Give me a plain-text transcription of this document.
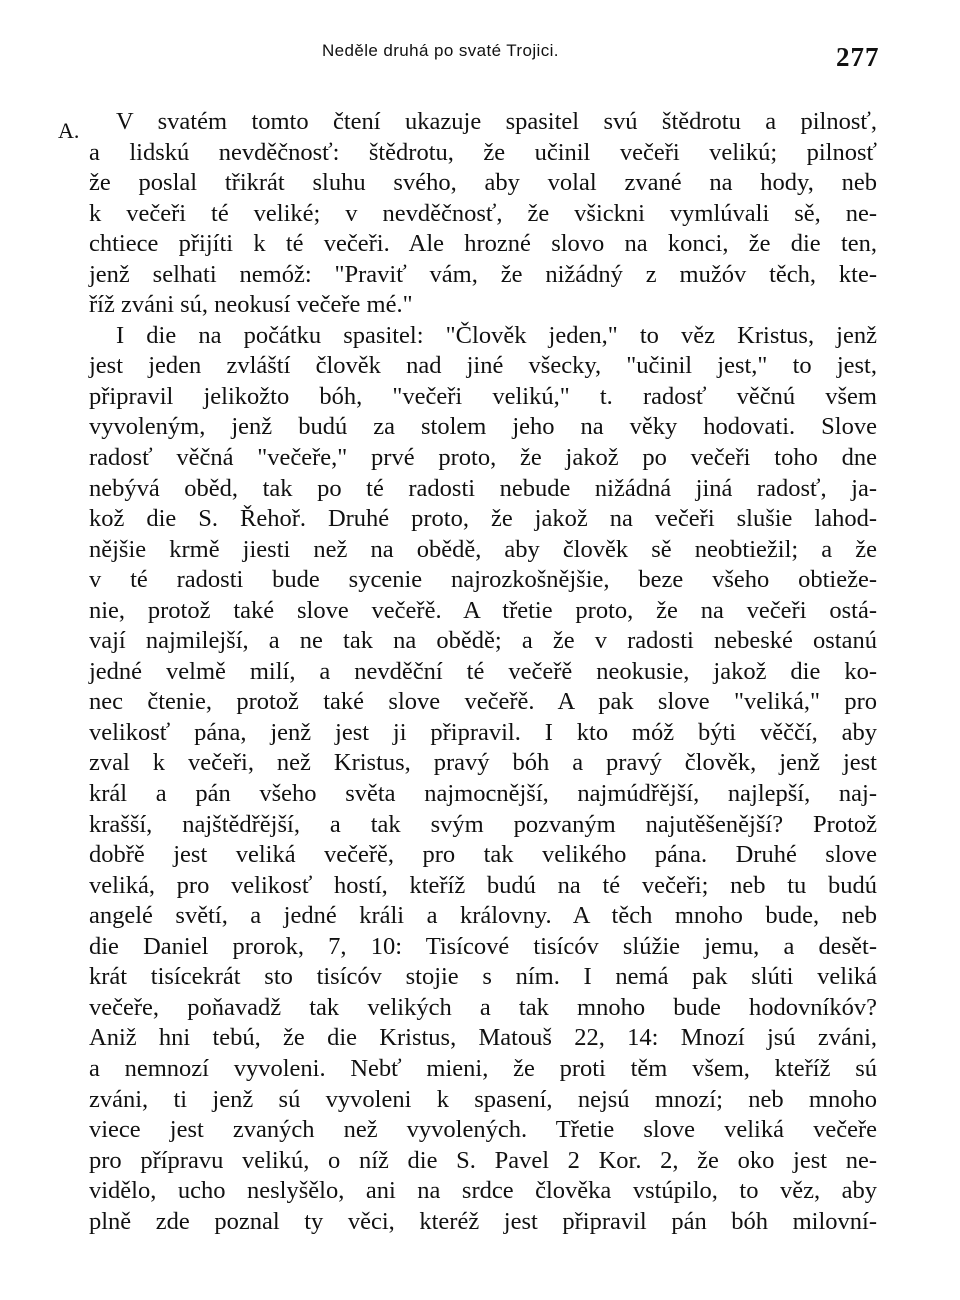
Neděle druhá po svaté Trojici.	277
A.	V svatém tomto čtení ukazuje spasitel svú štědrotu a pilnosť,
a lidskú nevděčnosť: štědrotu, že učinil večeři velikú; pilnosť
že poslal třikrát sluhu svého, aby volal zvané na hody, neb
k večeři té veliké; v nevděčnosť, že všickni vymlúvali sě, ne-
chtiece přijíti k té večeři. Ale hrozné slovo na konci, že die ten,
jenž selhati nemóž: "Praviť vám, že nižádný z mužóv těch, kte-
říž zváni sú, neokusí večeře mé."
I die na počátku spasitel: "Člověk jeden," to věz Kristus, jenž
jest jeden zvláští člověk nad jiné všecky, "učinil jest," to jest,
připravil jelikožto bóh, "večeři velikú," t. radosť věčnú všem
vyvoleným, jenž budú za stolem jeho na věky hodovati. Slove
radosť věčná "večeře," prvé proto, že jakož po večeři toho dne
nebývá oběd, tak po té radosti nebude nižádná jiná radosť, ja-
kož die S. Řehoř. Druhé proto, že jakož na večeři slušie lahod-
nějšie krmě jiesti než na obědě, aby člověk sě neobtiežil; a že
v té radosti bude sycenie najrozkošnějšie, beze všeho obtiežе-
nie, protož také slove večeřě. A třetie proto, že na večeři ostá-
vají najmilejší, a ne tak na obědě; a že v radosti nebeské ostanú
jedné velmě milí, a nevděční té večeřě neokusie, jakož die ko-
nec čtenie, protož také slove večeřě. A pak slove "veliká," pro
velikosť pána, jenž jest ji připravil. I kto móž býti věččí, aby
zval k večeři, než Kristus, pravý bóh a pravý člověk, jenž jest
král a pán všeho světa najmocnější, najmúdřější, najlepší, naj-
krašší, najštědřější, a tak svým pozvaným najutěšenější? Protož
dobřě jest veliká večeřě, pro tak velikého pána. Druhé slove
veliká, pro velikosť hostí, kteříž budú na té večeři; neb tu budú
angelé světí, a jedné králi a královny. A těch mnoho bude, neb
die Daniel prorok, 7, 10: Tisícové tisícóv slúžie jemu, a desět-
krát tisícekrát sto tisícóv stojie s ním. I nemá pak slúti veliká
večeře, poňavadž tak velikých a tak mnoho bude hodovníkóv?
Aniž hni tebú, že die Kristus, Matouš 22, 14: Mnozí jsú zváni,
a nemnozí vyvoleni. Nebť mienі, že proti těm všem, kteříž sú
zváni, ti jenž sú vyvoleni k spasení, nejsú mnozí; neb mnoho
viece jest zvaných než vyvolených. Třetie slove veliká večeře
pro přípravu velikú, o níž die S. Pavel 2 Kor. 2, že oko jest ne-
vidělo, ucho neslyšělo, ani na srdce člověka vstúpilo, to věz, aby
plně zde poznal ty věci, kteréž jest připravil pán bóh milovní-
